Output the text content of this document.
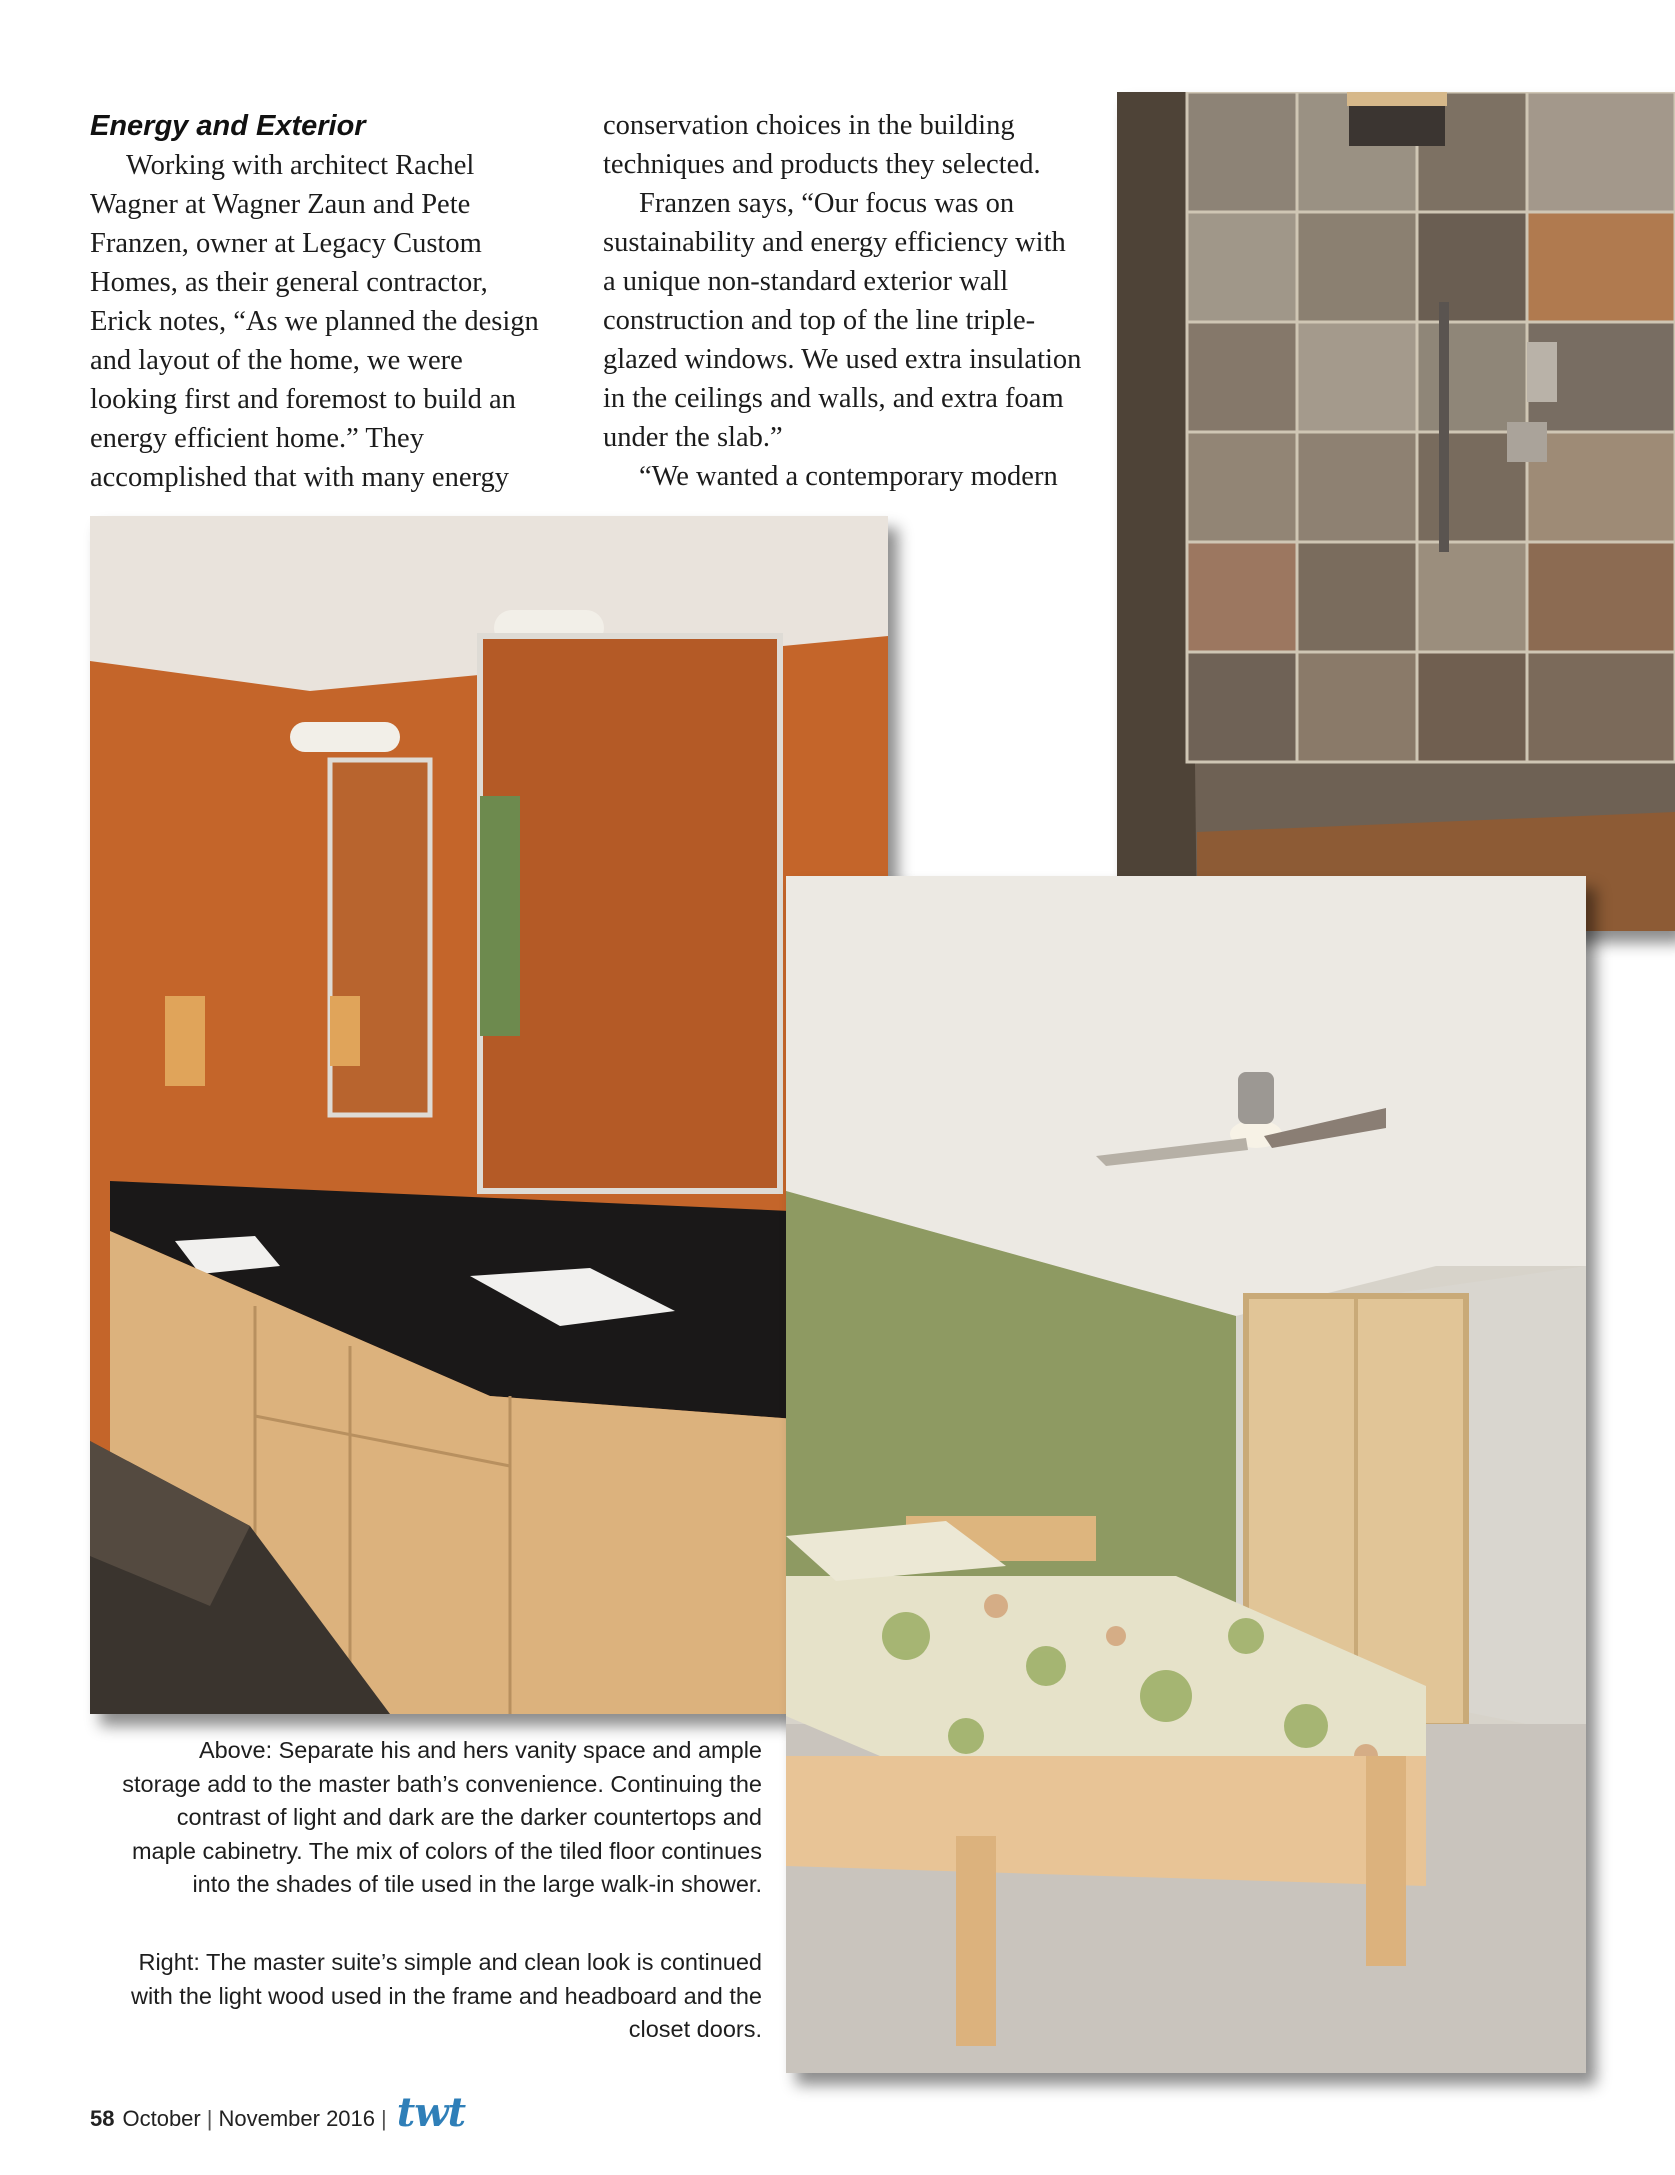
Energy and Exterior

Working with architect Rachel Wagner at Wagner Zaun and Pete Franzen, owner at Legacy Custom Homes, as their general contractor, Erick notes, “As we planned the design and layout of the home, we were looking first and foremost to build an energy efficient home.” They accomplished that with many energy

conservation choices in the building techniques and products they selected.

Franzen says, “Our focus was on sustainability and energy efficiency with a unique non-standard exterior wall construction and top of the line triple-glazed windows. We used extra insulation in the ceilings and walls, and extra foam under the slab.”

“We wanted a contemporary modern

Above: Separate his and hers vanity space and ample storage add to the master bath’s convenience. Continuing the contrast of light and dark are the darker countertops and maple cabinetry. The mix of colors of the tiled floor continues into the shades of tile used in the large walk-in shower.

Right: The master suite’s simple and clean look is continued with the light wood used in the frame and headboard and the closet doors.

58 October | November 2016 | twt
